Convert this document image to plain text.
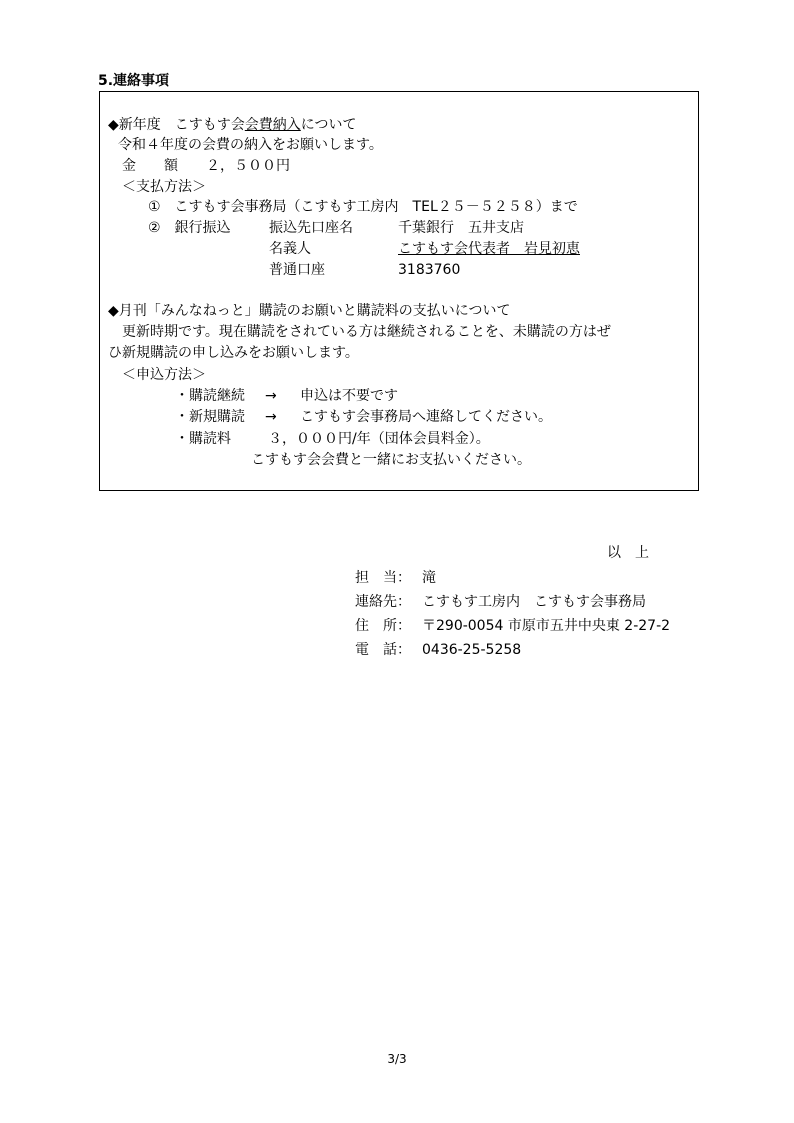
5.連絡事項
◆新年度　こすもす会会費納入について
令和４年度の会費の納入をお願いします。
金　　額 ２，５００円
＜支払方法＞
①　こすもす会事務局（こすもす工房内　TEL２５－５２５８）まで
②　銀行振込	振込先口座名	千葉銀行　五井支店
名義人	こすもす会代表者　岩見初恵
普通口座	3183760
◆月刊「みんなねっと」購読のお願いと購読料の支払いについて
更新時期です。現在購読をされている方は継続されることを、未購読の方はぜ
ひ新規購読の申し込みをお願いします。
＜申込方法＞
・購読継続 → 申込は不要です
・新規購読 → こすもす会事務局へ連絡してください。
・購読料	３，０００円/年（団体会員料金）。
こすもす会会費と一緒にお支払いください。
以　上
担　当： 滝
連絡先： こすもす工房内　こすもす会事務局
住　所： 〒290-0054 市原市五井中央東 2-27-2
電　話： 0436-25-5258
3/3
